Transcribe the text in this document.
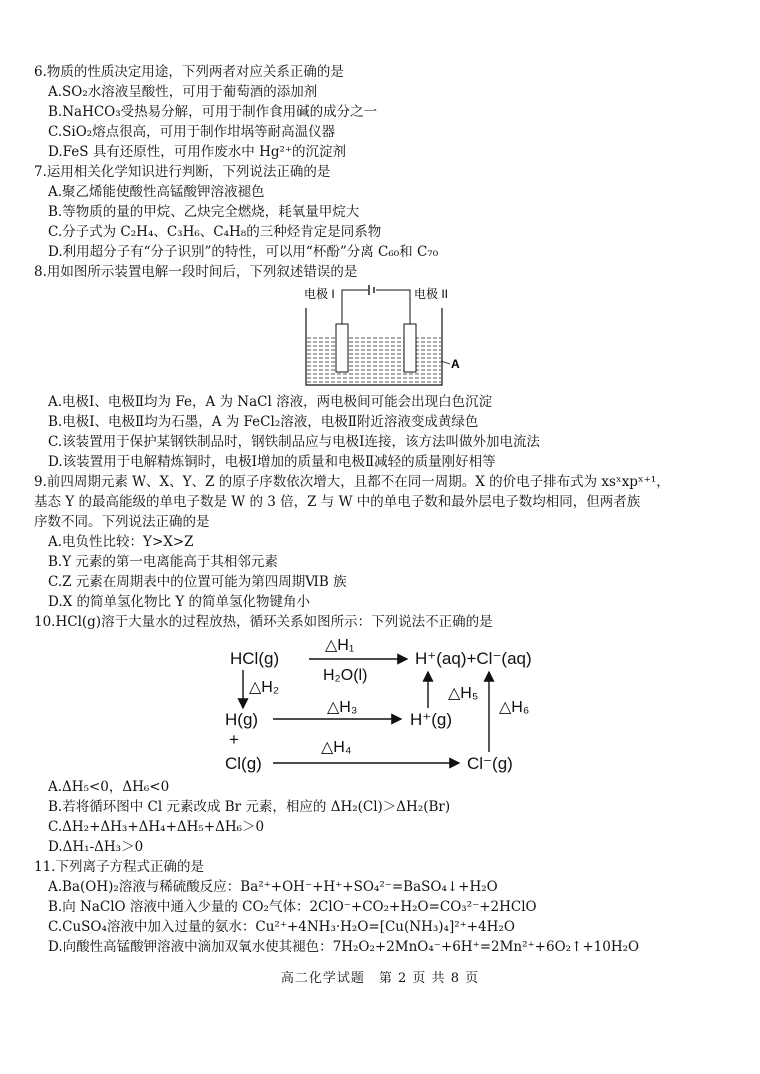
6.物质的性质决定用途，下列两者对应关系正确的是
A.SO₂水溶液呈酸性，可用于葡萄酒的添加剂
B.NaHCO₃受热易分解，可用于制作食用碱的成分之一
C.SiO₂熔点很高，可用于制作坩埚等耐高温仪器
D.FeS 具有还原性，可用作废水中 Hg²⁺的沉淀剂
7.运用相关化学知识进行判断，下列说法正确的是
A.聚乙烯能使酸性高锰酸钾溶液褪色
B.等物质的量的甲烷、乙炔完全燃烧，耗氧量甲烷大
C.分子式为 C₂H₄、C₃H₆、C₄H₈的三种烃肯定是同系物
D.利用超分子有“分子识别”的特性，可以用“杯酚”分离 C₆₀和 C₇₀
8.用如图所示装置电解一段时间后，下列叙述错误的是
电极 I	电极 II
A
A.电极Ⅰ、电极Ⅱ均为 Fe，A 为 NaCl 溶液，两电极间可能会出现白色沉淀
B.电极Ⅰ、电极Ⅱ均为石墨，A 为 FeCl₂溶液，电极Ⅱ附近溶液变成黄绿色
C.该装置用于保护某钢铁制品时，钢铁制品应与电极Ⅰ连接，该方法叫做外加电流法
D.该装置用于电解精炼铜时，电极Ⅰ增加的质量和电极Ⅱ减轻的质量刚好相等
9.前四周期元素 W、X、Y、Z 的原子序数依次增大，且都不在同一周期。X 的价电子排布式为 xsˣxpˣ⁺¹，
基态 Y 的最高能级的单电子数是 W 的 3 倍，Z 与 W 中的单电子数和最外层电子数均相同，但两者族
序数不同。下列说法正确的是
A.电负性比较：Y>X>Z
B.Y 元素的第一电离能高于其相邻元素
C.Z 元素在周期表中的位置可能为第四周期ⅥB 族
D.X 的简单氢化物比 Y 的简单氢化物键角小
10.HCl(g)溶于大量水的过程放热，循环关系如图所示：下列说法不正确的是
HCl(g)
△H₁
H₂O(l)
H⁺(aq)+Cl⁻(aq)
△H₂
H(g)
△H₃
H⁺(g)
△H₅
△H₆
+
Cl(g)
△H₄
Cl⁻(g)
A.ΔH₅<0，ΔH₆<0
B.若将循环图中 Cl 元素改成 Br 元素，相应的 ΔH₂(Cl)＞ΔH₂(Br)
C.ΔH₂+ΔH₃+ΔH₄+ΔH₅+ΔH₆＞0
D.ΔH₁-ΔH₃＞0
11.下列离子方程式正确的是
A.Ba(OH)₂溶液与稀硫酸反应：Ba²⁺+OH⁻+H⁺+SO₄²⁻=BaSO₄↓+H₂O
B.向 NaClO 溶液中通入少量的 CO₂气体：2ClO⁻+CO₂+H₂O=CO₃²⁻+2HClO
C.CuSO₄溶液中加入过量的氨水：Cu²⁺+4NH₃·H₂O=[Cu(NH₃)₄]²⁺+4H₂O
D.向酸性高锰酸钾溶液中滴加双氧水使其褪色：7H₂O₂+2MnO₄⁻+6H⁺=2Mn²⁺+6O₂↑+10H₂O
高二化学试题　第 2 页 共 8 页
